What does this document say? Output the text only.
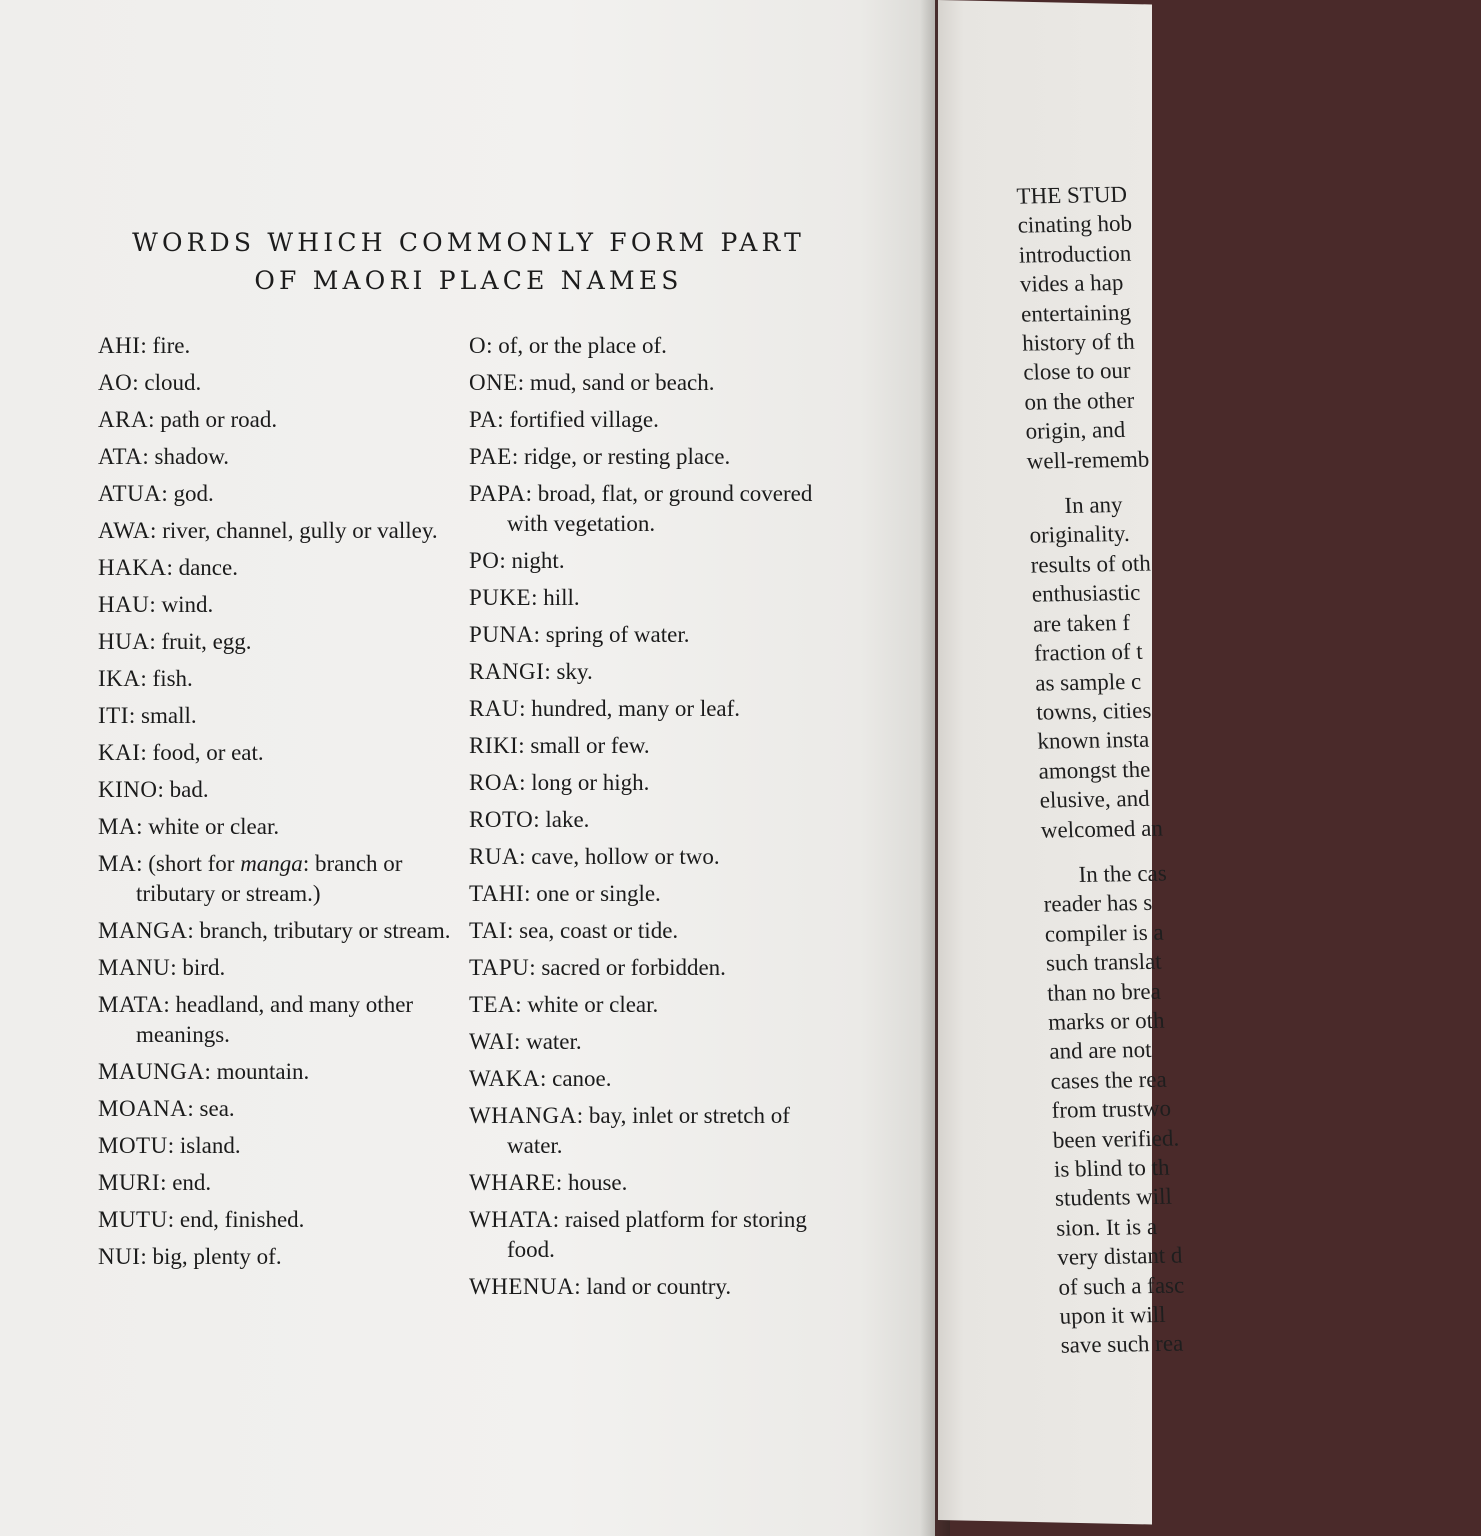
WORDS WHICH COMMONLY FORM PART
OF MAORI PLACE NAMES
AHI: fire.
AO: cloud.
ARA: path or road.
ATA: shadow.
ATUA: god.
AWA: river, channel, gully or valley.
HAKA: dance.
HAU: wind.
HUA: fruit, egg.
IKA: fish.
ITI: small.
KAI: food, or eat.
KINO: bad.
MA: white or clear.
MA: (short for manga: branch or tributary or stream.)
MANGA: branch, tributary or stream.
MANU: bird.
MATA: headland, and many other meanings.
MAUNGA: mountain.
MOANA: sea.
MOTU: island.
MURI: end.
MUTU: end, finished.
NUI: big, plenty of.
O: of, or the place of.
ONE: mud, sand or beach.
PA: fortified village.
PAE: ridge, or resting place.
PAPA: broad, flat, or ground covered with vegetation.
PO: night.
PUKE: hill.
PUNA: spring of water.
RANGI: sky.
RAU: hundred, many or leaf.
RIKI: small or few.
ROA: long or high.
ROTO: lake.
RUA: cave, hollow or two.
TAHI: one or single.
TAI: sea, coast or tide.
TAPU: sacred or forbidden.
TEA: white or clear.
WAI: water.
WAKA: canoe.
WHANGA: bay, inlet or stretch of water.
WHARE: house.
WHATA: raised platform for storing food.
WHENUA: land or country.
THE STUD
cinating hob
introduction
vides a hap
entertaining
history of th
close to our
on the other
origin, and
well-rememb
In any
originality.
results of oth
enthusiastic
are taken f
fraction of t
as sample c
towns, cities
known insta
amongst the
elusive, and
welcomed an
In the cas
reader has s
compiler is a
such translat
than no brea
marks or oth
and are not
cases the rea
from trustwo
been verified.
is blind to th
students will
sion. It is a
very distant d
of such a fasc
upon it will
save such rea
